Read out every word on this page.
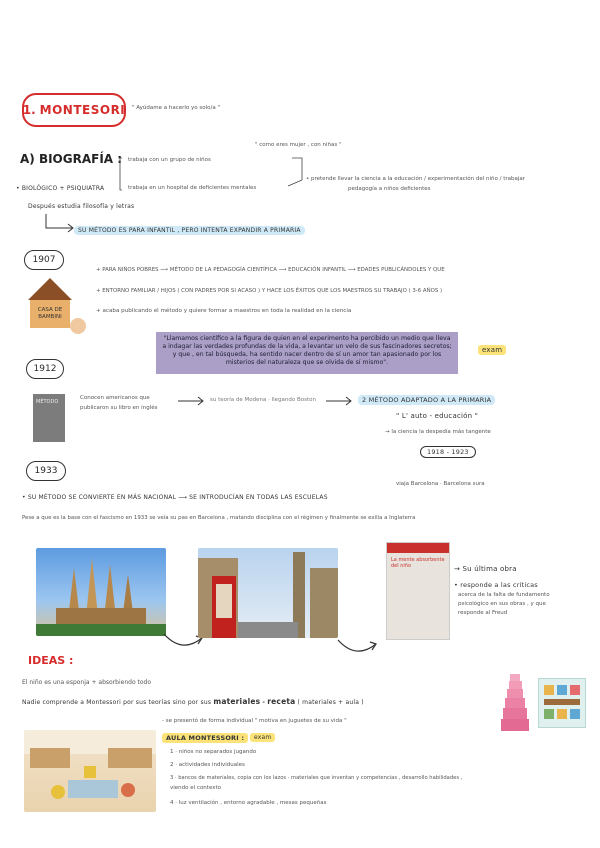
1. MONTESORI " Ayúdame a hacerlo yo solo/a "
A) BIOGRAFÍA :
" como eres mujer , con niñas "
trabaja con un grupo de niños
• BIOLÓGICO + PSIQUIATRA	trabaja en un hospital de deficientes mentales
• pretende llevar la ciencia a la educación / experimentación del niño / trabajar
pedagogía a niños deficientes
Después estudia filosofía y letras
SU MÉTODO ES PARA INFANTIL , PERO INTENTA EXPANDIR A PRIMARIA
1907
CASA DE BAMBINI
+ PARA NIÑOS POBRES ⟶ MÉTODO DE LA PEDAGOGÍA CIENTÍFICA ⟶ EDUCACIÓN INFANTIL ⟶ EDADES PUBLICÁNDOLES Y QUE
+ ENTORNO FAMILIAR / HIJOS ( CON PADRES POR SI ACASO ) Y HACE LOS ÉXITOS QUE LOS MAESTROS SU TRABAJO ( 3-6 AÑOS )
+ acaba publicando el método y quiere formar a maestros en toda la realidad en la ciencia
"Llamamos científico a la figura de quien en el experimento ha percibido un medio que lleva a indagar las verdades profundas de la vida, a levantar un velo de sus fascinadores secretos; y que , en tal búsqueda, ha sentido nacer dentro de sí un amor tan apasionado por los misterios del naturaleza que se olvida de sí mismo".
exam
1912
MÉTODO
Conocen americanos que
publicaron su libro en inglés
su teoría de Modena · llegando Boston	2 MÉTODO ADAPTADO A LA PRIMARIA
" L' auto - educación "
→ la ciencia la despedía más tangente
1918 - 1923
viaja Barcelona · Barcelona sura
1933
• SU MÉTODO SE CONVIERTE EN MÁS NACIONAL ⟶ SE INTRODUCÍAN EN TODAS LAS ESCUELAS
Pese a que es la base con el fascismo en 1933 se veía su pas en Barcelona , matando disciplina con el régimen y finalmente se exilia a Inglaterra
La mente absorbente del niño	→ Su última obra
• responde a las críticas
acerca de la falta de fundamento
psicológico en sus obras , y que
responde al Freud
IDEAS :
El niño es una esponja + absorbiendo todo
Nadie comprende a Montessori por sus teorías sino por sus materiales - receta ( materiales + aula )
- se presentó de forma individual " motiva en juguetes de su vida "
AULA MONTESSORI :	exam
1 · niños no separados jugando
2 · actividades individuales
3 · bancos de materiales, copia con los lazos · materiales que inventan y competencias , desarrollo habilidades ,
viendo el contexto
4 · luz ventilación , entorno agradable , mesas pequeñas
